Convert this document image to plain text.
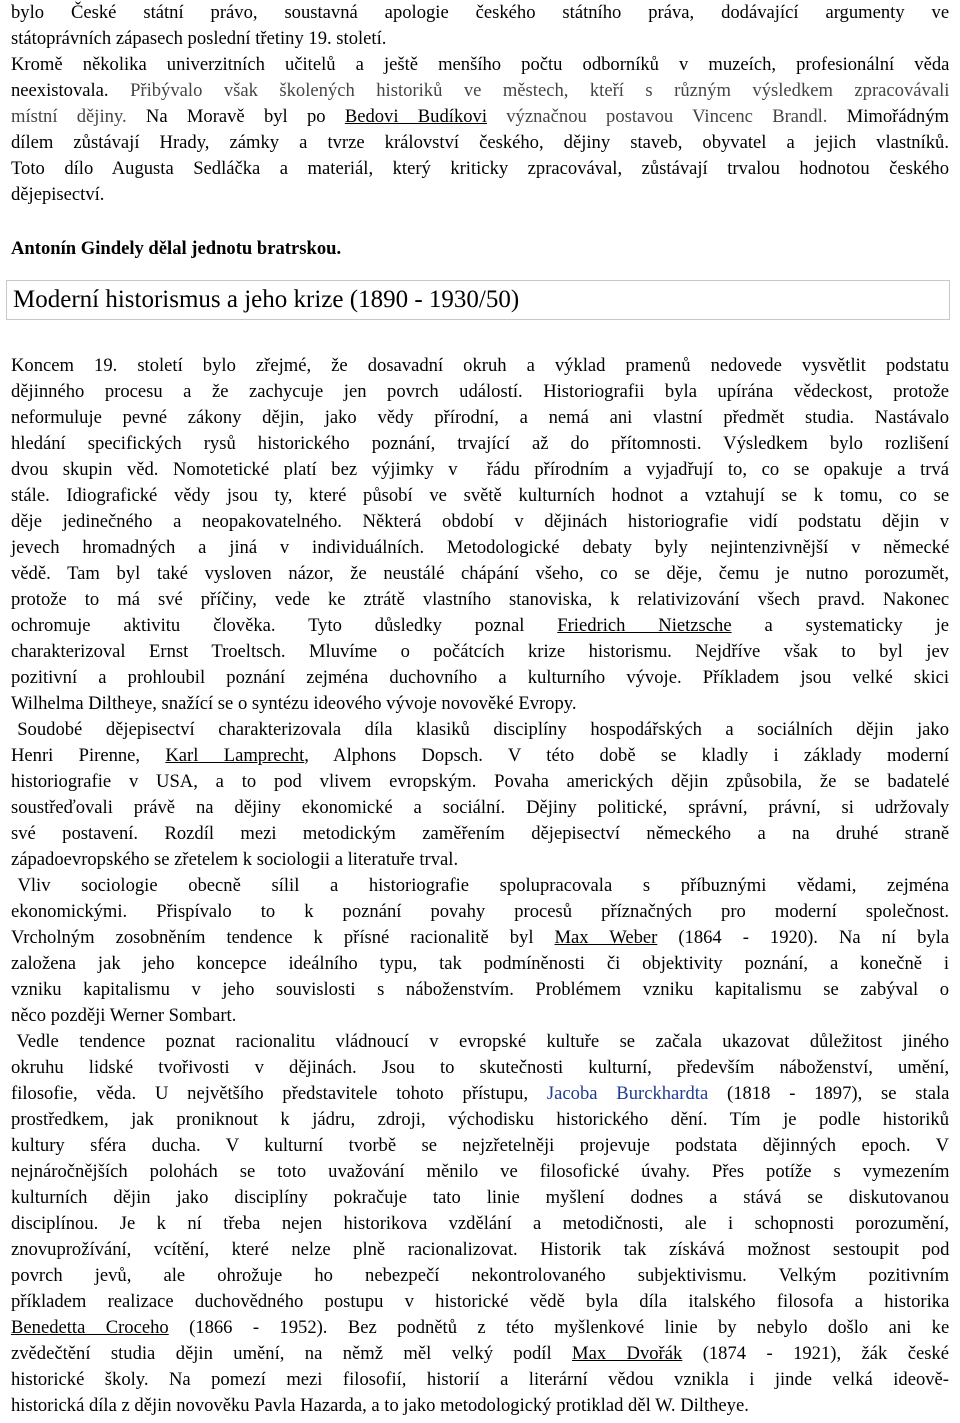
bylo České státní právo, soustavná apologie českého státního práva, dodávající argumenty ve
státoprávních zápasech poslední třetiny 19. století.
Kromě několika univerzitních učitelů a ještě menšího počtu odborníků v muzeích, profesionální věda
neexistovala. Přibývalo však školených historiků ve městech, kteří s různým výsledkem zpracovávali
místní dějiny. Na Moravě byl po Bedovi Budíkovi význačnou postavou Vincenc Brandl. Mimořádným
dílem zůstávají Hrady, zámky a tvrze království českého, dějiny staveb, obyvatel a jejich vlastníků.
Toto dílo Augusta Sedláčka a materiál, který kriticky zpracovával, zůstávají trvalou hodnotou českého
dějepisectví.
Antonín Gindely dělal jednotu bratrskou.
Moderní historismus a jeho krize (1890 - 1930/50)
Koncem 19. století bylo zřejmé, že dosavadní okruh a výklad pramenů nedovede vysvětlit podstatu
dějinného procesu a že zachycuje jen povrch událostí. Historiografii byla upírána vědeckost, protože
neformuluje pevné zákony dějin, jako vědy přírodní, a nemá ani vlastní předmět studia. Nastávalo
hledání specifických rysů historického poznání, trvající až do přítomnosti. Výsledkem bylo rozlišení
dvou skupin věd. Nomotetické platí bez výjimky v  řádu přírodním a vyjadřují to, co se opakuje a trvá
stále. Idiografické vědy jsou ty, které působí ve světě kulturních hodnot a vztahují se k tomu, co se
děje jedinečného a neopakovatelného. Některá období v dějinách historiografie vidí podstatu dějin v
jevech hromadných a jiná v individuálních. Metodologické debaty byly nejintenzivnější v německé
vědě. Tam byl také vysloven názor, že neustálé chápání všeho, co se děje, čemu je nutno porozumět,
protože to má své příčiny, vede ke ztrátě vlastního stanoviska, k relativizování všech pravd. Nakonec
ochromuje aktivitu člověka. Tyto důsledky poznal Friedrich Nietzsche a systematicky je
charakterizoval Ernst Troeltsch. Mluvíme o počátcích krize historismu. Nejdříve však to byl jev
pozitivní a prohloubil poznání zejména duchovního a kulturního vývoje. Příkladem jsou velké skici
Wilhelma Diltheye, snažící se o syntézu ideového vývoje novověké Evropy.
Soudobé dějepisectví charakterizovala díla klasiků disciplíny hospodářských a sociálních dějin jako
Henri Pirenne, Karl Lamprecht, Alphons Dopsch. V této době se kladly i základy moderní
historiografie v USA, a to pod vlivem evropským. Povaha amerických dějin způsobila, že se badatelé
soustřeďovali právě na dějiny ekonomické a sociální. Dějiny politické, správní, právní, si udržovaly
své postavení. Rozdíl mezi metodickým zaměřením dějepisectví německého a na druhé straně
západoevropského se zřetelem k sociologii a literatuře trval.
Vliv sociologie obecně sílil a historiografie spolupracovala s příbuznými vědami, zejména
ekonomickými. Přispívalo to k poznání povahy procesů příznačných pro moderní společnost.
Vrcholným zosobněním tendence k přísné racionalitě byl Max Weber (1864 - 1920). Na ní byla
založena jak jeho koncepce ideálního typu, tak podmíněnosti či objektivity poznání, a konečně i
vzniku kapitalismu v jeho souvislosti s náboženstvím. Problémem vzniku kapitalismu se zabýval o
něco později Werner Sombart.
Vedle tendence poznat racionalitu vládnoucí v evropské kultuře se začala ukazovat důležitost jiného
okruhu lidské tvořivosti v dějinách. Jsou to skutečnosti kulturní, především náboženství, umění,
filosofie, věda. U největšího představitele tohoto přístupu, Jacoba Burckhardta (1818 - 1897), se stala
prostředkem, jak proniknout k jádru, zdroji, východisku historického dění. Tím je podle historiků
kultury sféra ducha. V kulturní tvorbě se nejzřetelněji projevuje podstata dějinných epoch. V
nejnáročnějších polohách se toto uvažování měnilo ve filosofické úvahy. Přes potíže s vymezením
kulturních dějin jako disciplíny pokračuje tato linie myšlení dodnes a stává se diskutovanou
disciplínou. Je k ní třeba nejen historikova vzdělání a metodičnosti, ale i schopnosti porozumění,
znovuprožívání, vcítění, které nelze plně racionalizovat. Historik tak získává možnost sestoupit pod
povrch jevů, ale ohrožuje ho nebezpečí nekontrolovaného subjektivismu. Velkým pozitivním
příkladem realizace duchovědného postupu v historické vědě byla díla italského filosofa a historika
Benedetta Croceho (1866 - 1952). Bez podnětů z této myšlenkové linie by nebylo došlo ani ke
zvědečtění studia dějin umění, na němž měl velký podíl Max Dvořák (1874 - 1921), žák české
historické školy. Na pomezí mezi filosofií, historií a literární vědou vznikla i jinde velká ideově-
historická díla z dějin novověku Pavla Hazarda, a to jako metodologický protiklad děl W. Diltheye.
